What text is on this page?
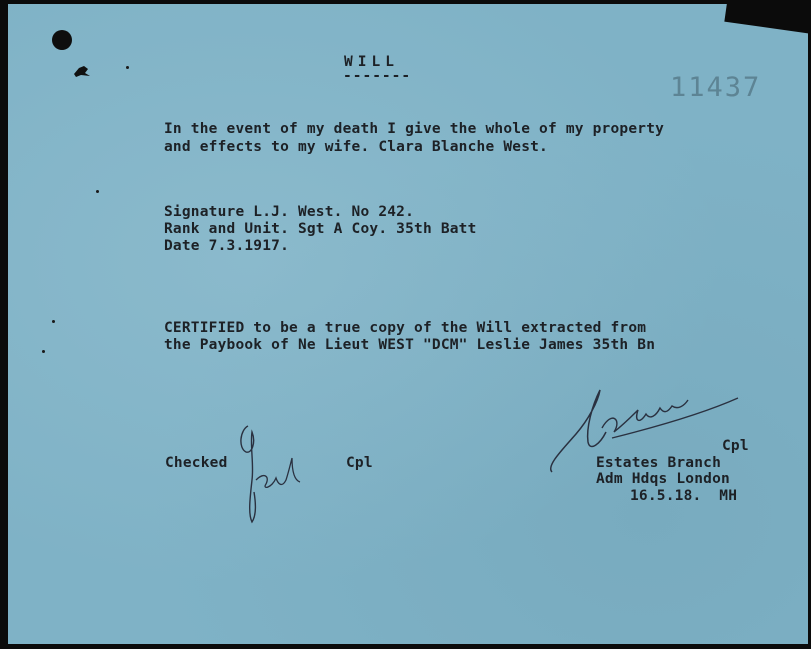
WILL
-------	11437
In the event of my death I give the whole of my property
and effects to my wife. Clara Blanche West.
Signature L.J. West. No 242.
Rank and Unit. Sgt A Coy. 35th Batt
Date 7.3.1917.
CERTIFIED to be a true copy of the Will extracted from
the Paybook of Ne Lieut WEST "DCM" Leslie James 35th Bn
Checked	Cpl
Cpl
Estates Branch
Adm Hdqs London
16.5.18.  MH
